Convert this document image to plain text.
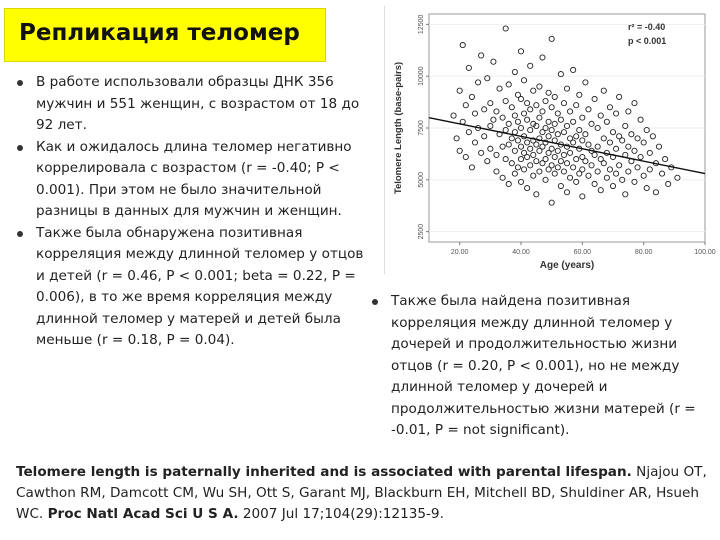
Репликация теломер
В работе использовали образцы ДНК 356 мужчин и 551 женщин, с возрастом от 18 до 92 лет.
Как и ожидалось длина теломер негативно коррелировала с возрастом (r = -0.40; P < 0.001). При этом не было значительной разницы в данных для мужчин и женщин.
Также была обнаружена позитивная корреляция между длинной теломер у отцов и детей (r = 0.46, P < 0.001; beta = 0.22, P = 0.006), в то же время корреляция между длинной теломер у матерей и детей была меньше (r = 0.18, P = 0.04).
Также была найдена позитивная корреляция между длинной теломер у дочерей и продолжительностью жизни отцов (r = 0.20, P < 0.001), но не между длинной теломер у дочерей и продолжительностью жизни матерей (r = -0.01, P = not significant).
20.00	40.00	60.00	80.00	100.00
2500
5000
7500
10000
12500	r² = -0.40
p < 0.001
Age (years)
Telomere Length (base-pairs)
Telomere length is paternally inherited and is associated with parental lifespan. Njajou OT, Cawthon RM, Damcott CM, Wu SH, Ott S, Garant MJ, Blackburn EH, Mitchell BD, Shuldiner AR, Hsueh WC. Proc Natl Acad Sci U S A. 2007 Jul 17;104(29):12135-9.
